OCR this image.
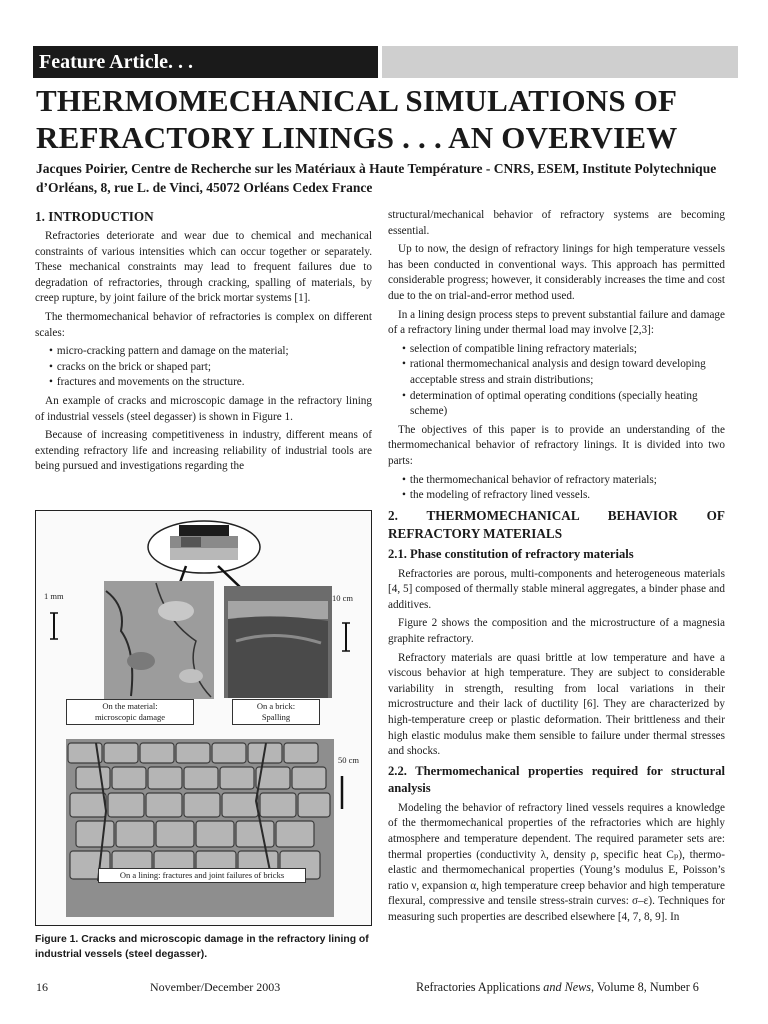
Feature Article. . .
THERMOMECHANICAL SIMULATIONS OF REFRACTORY LININGS . . . AN OVERVIEW

Jacques Poirier, Centre de Recherche sur les Matériaux à Haute Température - CNRS, ESEM, Institute Polytechnique d’Orléans, 8, rue L. de Vinci, 45072 Orléans Cedex France

1. INTRODUCTION

Refractories deteriorate and wear due to chemical and mechanical constraints of various intensities which can occur together or separately. These mechanical constraints may lead to frequent failures due to degradation of refractories, through cracking, spalling of materials, by creep rupture, by joint failure of the brick mortar systems [1].

The thermomechanical behavior of refractories is complex on different scales:

• micro-cracking pattern and damage on the material;
• cracks on the brick or shaped part;
• fractures and movements on the structure.

An example of cracks and microscopic damage in the refractory lining of industrial vessels (steel degasser) is shown in Figure 1.

Because of increasing competitiveness in industry, different means of extending refractory life and increasing reliability of industrial tools are being pursued and investigations regarding the

1 mm	10 cm
50 cm
On the material:
microscopic damage
On a brick:
Spalling
On a lining: fractures and joint failures of bricks

Figure 1. Cracks and microscopic damage in the refractory lining of industrial vessels (steel degasser).

structural/mechanical behavior of refractory systems are becoming essential.

Up to now, the design of refractory linings for high temperature vessels has been conducted in conventional ways. This approach has permitted considerable progress; however, it considerably increases the time and cost due to the on trial-and-error method used.

In a lining design process steps to prevent substantial failure and damage of a refractory lining under thermal load may involve [2,3]:

• selection of compatible lining refractory materials;
• rational thermomechanical analysis and design toward developing acceptable stress and strain distributions;
• determination of optimal operating conditions (specially heating scheme)

The objectives of this paper is to provide an understanding of the thermomechanical behavior of refractory linings. It is divided into two parts:

• the thermomechanical behavior of refractory materials;
• the modeling of refractory lined vessels.
2. THERMOMECHANICAL BEHAVIOR OF REFRACTORY MATERIALS
2.1. Phase constitution of refractory materials

Refractories are porous, multi-components and heterogeneous materials [4, 5] composed of thermally stable mineral aggregates, a binder phase and additives.

Figure 2 shows the composition and the microstructure of a magnesia graphite refractory.

Refractory materials are quasi brittle at low temperature and have a viscous behavior at high temperature. They are subject to considerable variability in strength, resulting from local variations in their microstructure and their lack of ductility [6]. They are characterized by high-temperature creep or plastic deformation. Their brittleness and their high elastic modulus make them sensible to failure under thermal stresses and shocks.

2.2. Thermomechanical properties required for structural analysis

Modeling the behavior of refractory lined vessels requires a knowledge of the thermomechanical properties of the refractories which are highly atmosphere and temperature dependent. The required parameter sets are: thermal properties (conductivity λ, density ρ, specific heat Cₚ), thermo-elastic and thermomechanical properties (Young’s modulus E, Poisson’s ratio ν, expansion α, high temperature creep behavior and high temperature flexural, compressive and tensile stress-strain curves: σ–ε). Techniques for measuring such properties are described elsewhere [4, 7, 8, 9]. In

16	November/December 2003	Refractories Applications and News, Volume 8, Number 6
